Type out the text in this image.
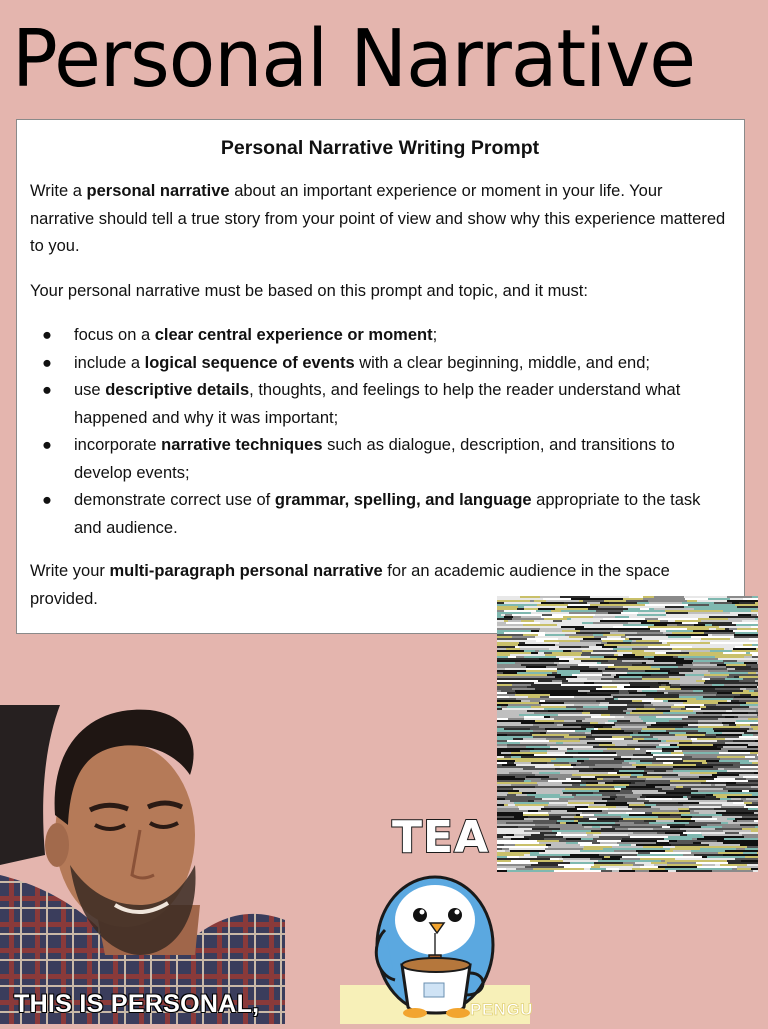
Personal Narrative
Personal Narrative Writing Prompt

Write a personal narrative about an important experience or moment in your life. Your narrative should tell a true story from your point of view and show why this experience mattered to you.

Your personal narrative must be based on this prompt and topic, and it must:

● focus on a clear central experience or moment;
● include a logical sequence of events with a clear beginning, middle, and end;
● use descriptive details, thoughts, and feelings to help the reader understand what happened and why it was important;
● incorporate narrative techniques such as dialogue, description, and transitions to develop events;
● demonstrate correct use of grammar, spelling, and language appropriate to the task and audience.

Write your multi-paragraph personal narrative for an academic audience in the space provided.

THIS IS PERSONAL,
TEA
PENGU
